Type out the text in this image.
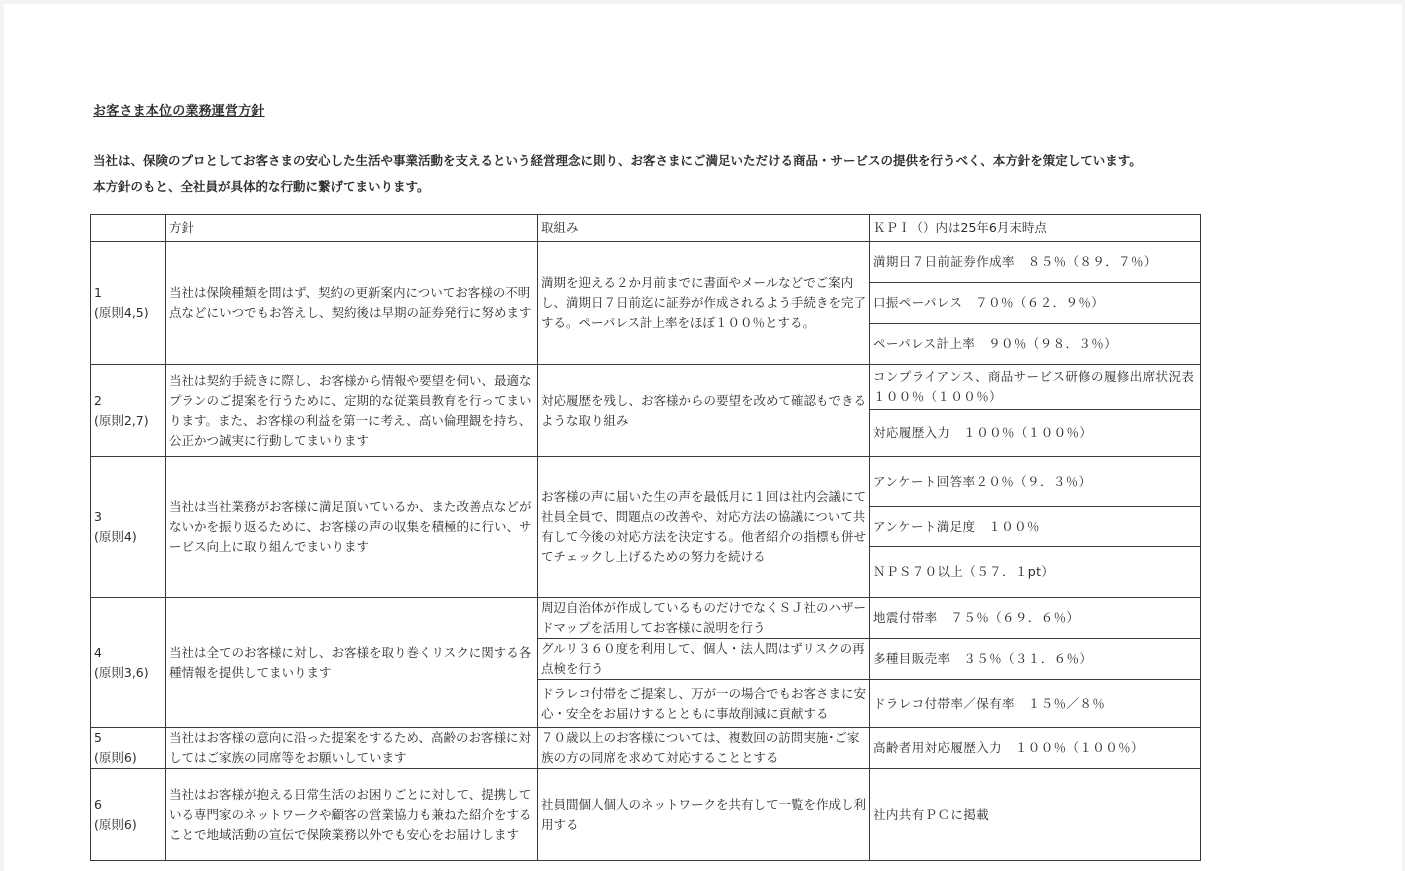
お客さま本位の業務運営方針
当社は、保険のプロとしてお客さまの安心した生活や事業活動を支えるという経営理念に則り、お客さまにご満足いただける商品・サービスの提供を行うべく、本方針を策定しています。
本方針のもと、全社員が具体的な行動に繋げてまいります。
	方針	取組み	ＫＰＩ（）内は25年6月末時点

1
(原則4,5)	当社は保険種類を問はず、契約の更新案内についてお客様の不明点などにいつでもお答えし、契約後は早期の証券発行に努めます	満期を迎える２か月前までに書面やメールなどでご案内し、満期日７日前迄に証券が作成されるよう手続きを完了する。ペーパレス計上率をほぼ１００％とする。	満期日７日前証券作成率　８５％（８９．７％）
			口振ペーパレス　７０％（６２．９％）
			ペーパレス計上率　９０％（９８．３％）

2
(原則2,7)	当社は契約手続きに際し、お客様から情報や要望を伺い、最適なプランのご提案を行うために、定期的な従業員教育を行ってまいります。また、お客様の利益を第一に考え、高い倫理観を持ち、公正かつ誠実に行動してまいります	対応履歴を残し、お客様からの要望を改めて確認もできるような取り組み	コンプライアンス、商品サービス研修の履修出席状況表　１００％（１００％）
			対応履歴入力　１００％（１００％）

3
(原則4)	当社は当社業務がお客様に満足頂いているか、また改善点などがないかを振り返るために、お客様の声の収集を積極的に行い、サービス向上に取り組んでまいります	お客様の声に届いた生の声を最低月に１回は社内会議にて社員全員で、問題点の改善や、対応方法の協議について共有して今後の対応方法を決定する。他者紹介の指標も併せてチェックし上げるための努力を続ける	アンケート回答率２０％（９．３％）
			アンケート満足度　１００％
			ＮＰＳ７０以上（５７．１pt）

4
(原則3,6)	当社は全てのお客様に対し、お客様を取り巻くリスクに関する各種情報を提供してまいります	周辺自治体が作成しているものだけでなくＳＪ社のハザードマップを活用してお客様に説明を行う	地震付帯率　７５％（６９．６％）
		グルリ３６０度を利用して、個人・法人問はずリスクの再点検を行う	多種目販売率　３５％（３１．６％）
		ドラレコ付帯をご提案し、万が一の場合でもお客さまに安心・安全をお届けするとともに事故削減に貢献する	ドラレコ付帯率／保有率　１５％／８％

5
(原則6)	当社はお客様の意向に沿った提案をするため、高齢のお客様に対してはご家族の同席等をお願いしています	７０歳以上のお客様については、複数回の訪問実施･ご家族の方の同席を求めて対応することとする	高齢者用対応履歴入力　１００％（１００％）

6
(原則6)	当社はお客様が抱える日常生活のお困りごとに対して、提携している専門家のネットワークや顧客の営業協力も兼ねた紹介をすることで地域活動の宣伝で保険業務以外でも安心をお届けします	社員間個人個人のネットワークを共有して一覧を作成し利用する	社内共有ＰＣに掲載
